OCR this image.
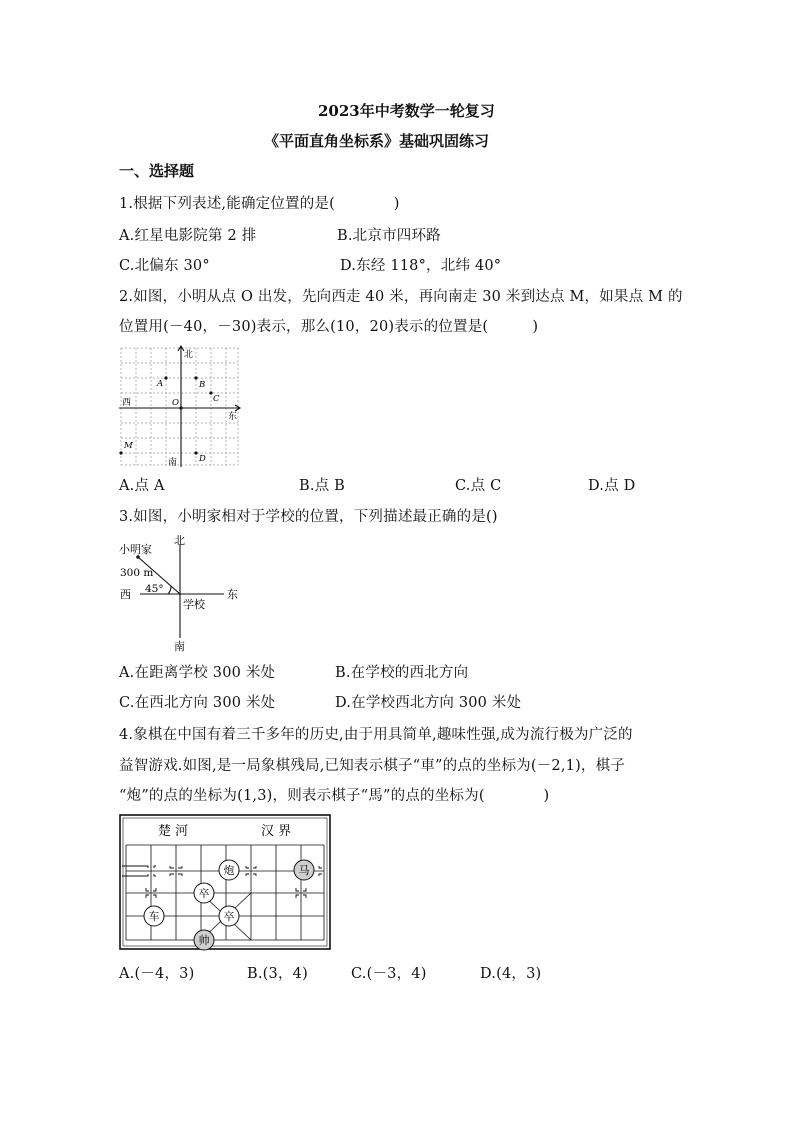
2023年中考数学一轮复习
《平面直角坐标系》基础巩固练习
一、选择题
1.根据下列表述,能确定位置的是(　　　　)
A.红星电影院第 2 排	B.北京市四环路
C.北偏东 30°	D.东经 118°，北纬 40°
2.如图，小明从点 O 出发，先向西走 40 米，再向南走 30 米到达点 M，如果点 M 的
位置用(－40，－30)表示，那么(10，20)表示的位置是(　　　)
北
南
西
东
A	B
C
O
M
D
A.点 A	B.点 B	C.点 C	D.点 D
3.如图，小明家相对于学校的位置，下列描述最正确的是()
小明家
300 m
45°
北
南
西	东
学校
A.在距离学校 300 米处	B.在学校的西北方向
C.在西北方向 300 米处	D.在学校西北方向 300 米处
4.象棋在中国有着三千多年的历史,由于用具简单,趣味性强,成为流行极为广泛的
益智游戏.如图,是一局象棋残局,已知表示棋子“車”的点的坐标为(－2,1)，棋子
“炮”的点的坐标为(1,3)，则表示棋子“馬”的点的坐标为(　　　　)
楚 河	汉 界
炮	马
卒
车	卒
帅
A.(－4，3)	B.(3，4)	C.(－3，4)	D.(4，3)
